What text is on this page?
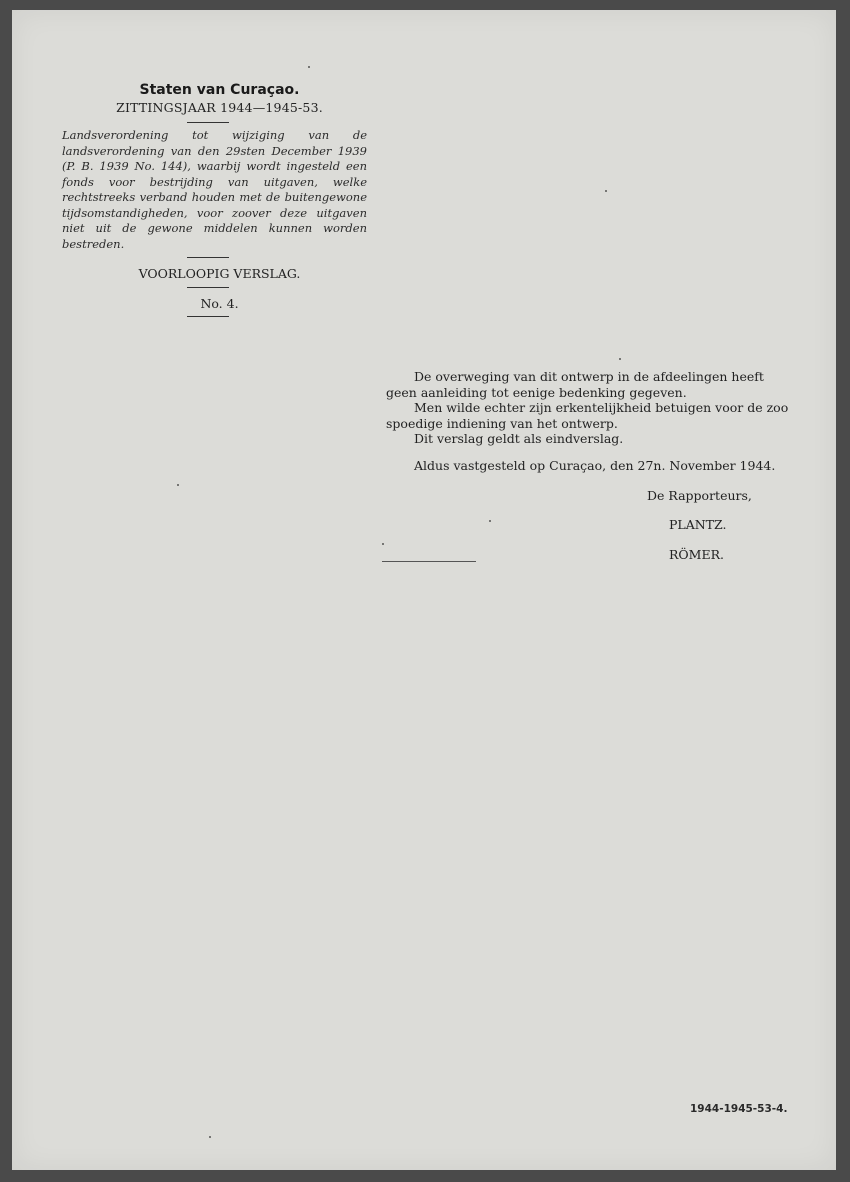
Staten van Curaçao.
ZITTINGSJAAR 1944—1945-53.
Landsverordening tot wijziging van de landsverordening van den 29sten December 1939 (P. B. 1939 No. 144), waarbij wordt ingesteld een fonds voor bestrijding van uitgaven, welke rechtstreeks verband houden met de buitengewone tijdsomstandigheden, voor zoover deze uitgaven niet uit de gewone middelen kunnen worden bestreden.
VOORLOOPIG VERSLAG.
No. 4.

De overweging van dit ontwerp in de afdeelingen heeft geen aanleiding tot eenige bedenking gegeven.

Men wilde echter zijn erkentelijkheid betuigen voor de zoo spoedige indiening van het ontwerp.

Dit verslag geldt als eindverslag.

Aldus vastgesteld op Curaçao, den 27n. November 1944.
De Rapporteurs,
PLANTZ.
RÖMER.
1944-1945-53-4.
